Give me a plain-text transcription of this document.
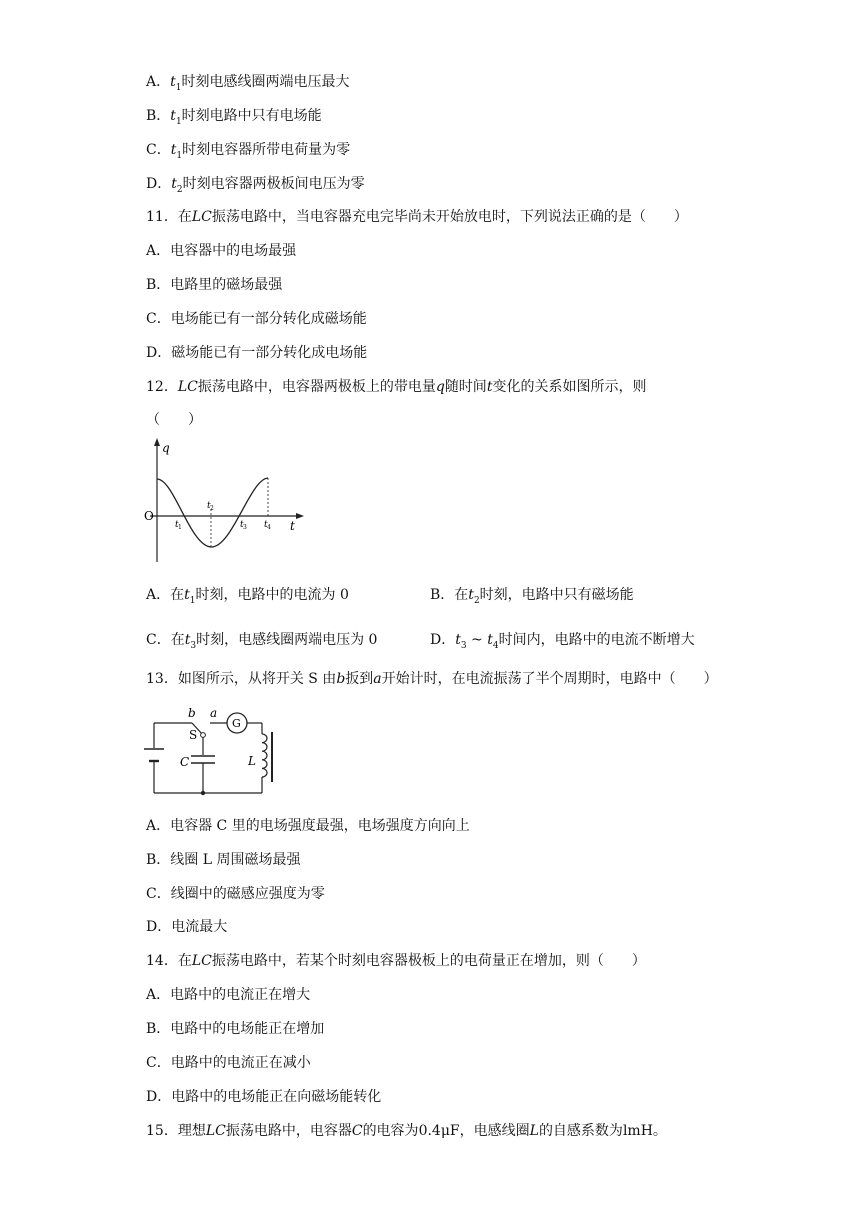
A．$t_1$时刻电感线圈两端电压最大
B．$t_1$时刻电路中只有电场能
C．$t_1$时刻电容器所带电荷量为零
D．$t_2$时刻电容器两极板间电压为零
11．在LC振荡电路中，当电容器充电完毕尚未开始放电时，下列说法正确的是（　　）
A．电容器中的电场最强
B．电路里的磁场最强
C．电场能已有一部分转化成磁场能
D．磁场能已有一部分转化成电场能
12．LC振荡电路中，电容器两极板上的带电量q随时间t变化的关系如图所示，则
（　　）
q
t
O
t 1
t 2
t 3 t 4
A．在$t_1$时刻，电路中的电流为 0	B．在$t_2$时刻，电路中只有磁场能
C．在$t_3$时刻，电感线圈两端电压为 0	D．$t_3$ ~ $t_4$时间内，电路中的电流不断增大
13．如图所示，从将开关 S 由b扳到a开始计时，在电流振荡了半个周期时，电路中（　　）
b a
S
G
C	L
A．电容器 C 里的电场强度最强，电场强度方向向上
B．线圈 L 周围磁场最强
C．线圈中的磁感应强度为零
D．电流最大
14．在LC振荡电路中，若某个时刻电容器极板上的电荷量正在增加，则（　　）
A．电路中的电流正在增大
B．电路中的电场能正在增加
C．电路中的电流正在减小
D．电路中的电场能正在向磁场能转化
15．理想LC振荡电路中，电容器C的电容为0.4μF，电感线圈L的自感系数为lmH。
